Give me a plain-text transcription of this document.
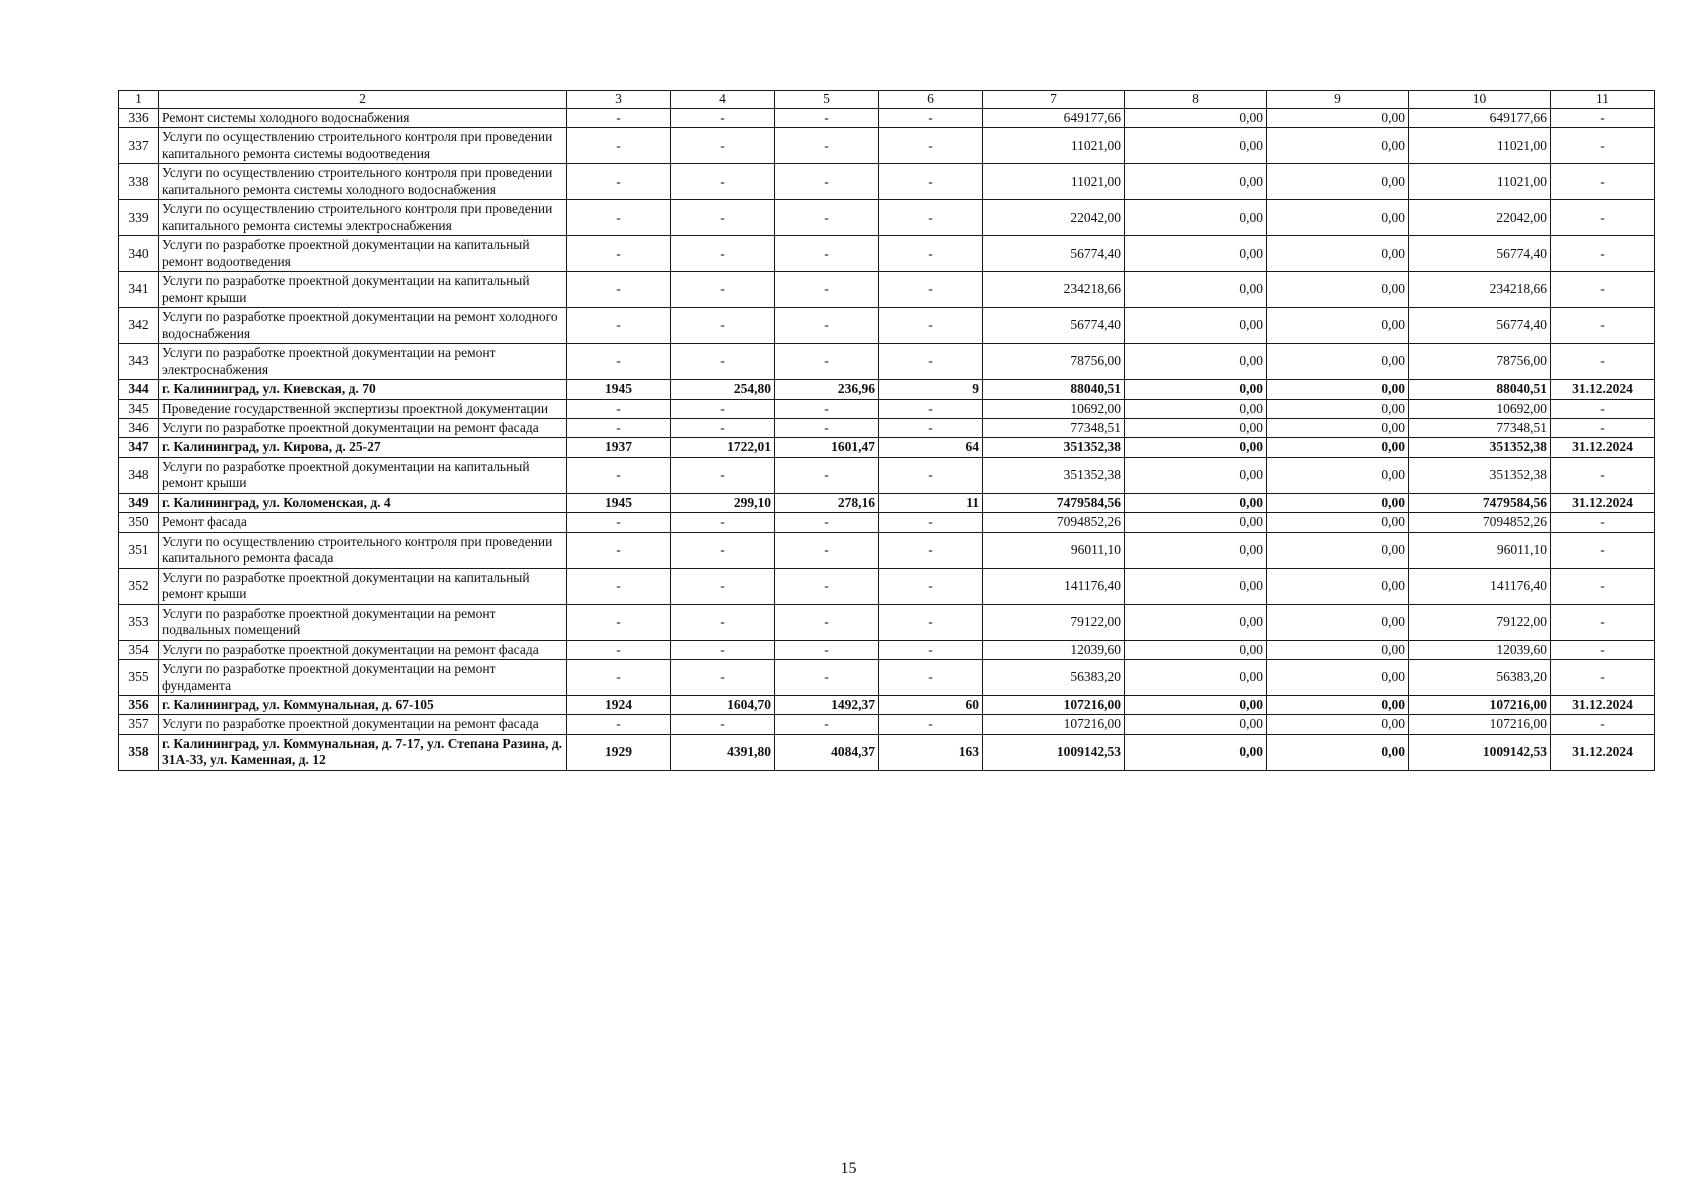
1	2	3	4	5	6	7	8	9	10	11
336	Ремонт системы холодного водоснабжения	-	-	-	-	649177,66	0,00	0,00	649177,66	-
337	Услуги по осуществлению строительного контроля при проведении капитального ремонта системы водоотведения	-	-	-	-	11021,00	0,00	0,00	11021,00	-
338	Услуги по осуществлению строительного контроля при проведении капитального ремонта системы холодного водоснабжения	-	-	-	-	11021,00	0,00	0,00	11021,00	-
339	Услуги по осуществлению строительного контроля при проведении капитального ремонта системы электроснабжения	-	-	-	-	22042,00	0,00	0,00	22042,00	-
340	Услуги по разработке проектной документации на капитальный ремонт водоотведения	-	-	-	-	56774,40	0,00	0,00	56774,40	-
341	Услуги по разработке проектной документации на капитальный ремонт крыши	-	-	-	-	234218,66	0,00	0,00	234218,66	-
342	Услуги по разработке проектной документации на ремонт холодного водоснабжения	-	-	-	-	56774,40	0,00	0,00	56774,40	-
343	Услуги по разработке проектной документации на ремонт электроснабжения	-	-	-	-	78756,00	0,00	0,00	78756,00	-
344	г. Калининград, ул. Киевская, д. 70	1945	254,80	236,96	9	88040,51	0,00	0,00	88040,51	31.12.2024
345	Проведение государственной экспертизы проектной документации	-	-	-	-	10692,00	0,00	0,00	10692,00	-
346	Услуги по разработке проектной документации на ремонт фасада	-	-	-	-	77348,51	0,00	0,00	77348,51	-
347	г. Калининград, ул. Кирова, д. 25-27	1937	1722,01	1601,47	64	351352,38	0,00	0,00	351352,38	31.12.2024
348	Услуги по разработке проектной документации на капитальный ремонт крыши	-	-	-	-	351352,38	0,00	0,00	351352,38	-
349	г. Калининград, ул. Коломенская, д. 4	1945	299,10	278,16	11	7479584,56	0,00	0,00	7479584,56	31.12.2024
350	Ремонт фасада	-	-	-	-	7094852,26	0,00	0,00	7094852,26	-
351	Услуги по осуществлению строительного контроля при проведении капитального ремонта фасада	-	-	-	-	96011,10	0,00	0,00	96011,10	-
352	Услуги по разработке проектной документации на капитальный ремонт крыши	-	-	-	-	141176,40	0,00	0,00	141176,40	-
353	Услуги по разработке проектной документации на ремонт подвальных помещений	-	-	-	-	79122,00	0,00	0,00	79122,00	-
354	Услуги по разработке проектной документации на ремонт фасада	-	-	-	-	12039,60	0,00	0,00	12039,60	-
355	Услуги по разработке проектной документации на ремонт фундамента	-	-	-	-	56383,20	0,00	0,00	56383,20	-
356	г. Калининград, ул. Коммунальная, д. 67-105	1924	1604,70	1492,37	60	107216,00	0,00	0,00	107216,00	31.12.2024
357	Услуги по разработке проектной документации на ремонт фасада	-	-	-	-	107216,00	0,00	0,00	107216,00	-
358	г. Калининград, ул. Коммунальная, д. 7-17, ул. Степана Разина, д. 31А-33, ул. Каменная, д. 12	1929	4391,80	4084,37	163	1009142,53	0,00	0,00	1009142,53	31.12.2024
15
